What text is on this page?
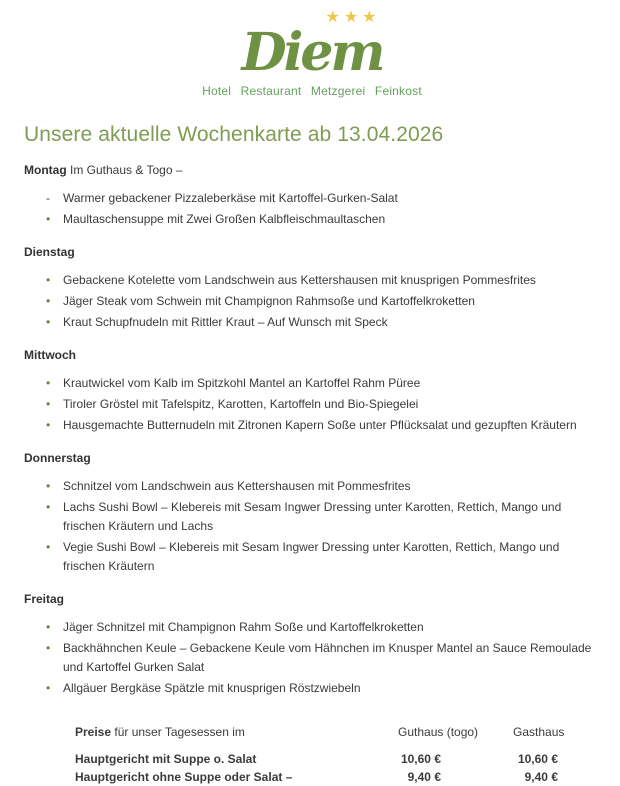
★★★
Diem
Hotel Restaurant Metzgerei Feinkost
Unsere aktuelle Wochenkarte ab 13.04.2026
Montag Im Guthaus & Togo –
-	Warmer gebackener Pizzaleberkäse mit Kartoffel-Gurken-Salat
•	Maultaschensuppe mit Zwei Großen Kalbfleischmaultaschen
Dienstag
•	Gebackene Kotelette vom Landschwein aus Kettershausen mit knusprigen Pommesfrites
•	Jäger Steak vom Schwein mit Champignon Rahmsoße und Kartoffelkroketten
•	Kraut Schupfnudeln mit Rittler Kraut – Auf Wunsch mit Speck
Mittwoch
•	Krautwickel vom Kalb im Spitzkohl Mantel an Kartoffel Rahm Püree
•	Tiroler Gröstel mit Tafelspitz, Karotten, Kartoffeln und Bio-Spiegelei
•	Hausgemachte Butternudeln mit Zitronen Kapern Soße unter Pflücksalat und gezupften Kräutern
Donnerstag
•	Schnitzel vom Landschwein aus Kettershausen mit Pommesfrites
•	Lachs Sushi Bowl – Klebereis mit Sesam Ingwer Dressing unter Karotten, Rettich, Mango und frischen Kräutern und Lachs
•	Vegie Sushi Bowl – Klebereis mit Sesam Ingwer Dressing unter Karotten, Rettich, Mango und frischen Kräutern
Freitag
•	Jäger Schnitzel mit Champignon Rahm Soße und Kartoffelkroketten
•	Backhähnchen Keule – Gebackene Keule vom Hähnchen im Knusper Mantel an Sauce Remoulade und Kartoffel Gurken Salat
•	Allgäuer Bergkäse Spätzle mit knusprigen Röstzwiebeln
Preise für unser Tagesessen im	Guthaus (togo)	Gasthaus
Hauptgericht mit Suppe o. Salat	10,60 €	10,60 €
Hauptgericht ohne Suppe oder Salat –	9,40 €	9,40 €
